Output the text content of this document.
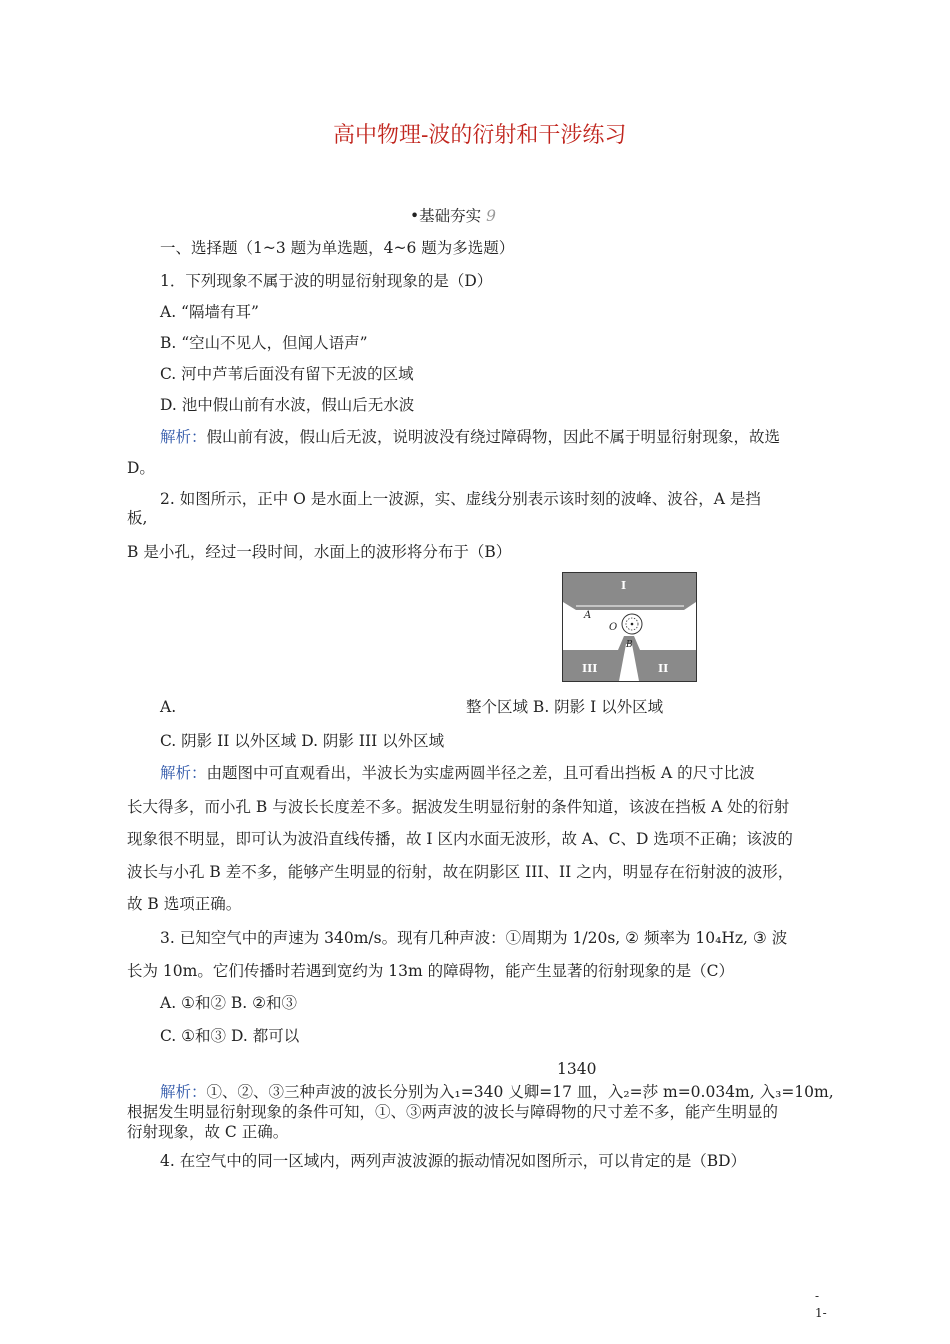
高中物理-波的衍射和干涉练习
•基础夯实 9
一、选择题（1~3 题为单选题，4~6 题为多选题）
1．下列现象不属于波的明显衍射现象的是（D）
A. “隔墙有耳”
B. “空山不见人，但闻人语声”
C. 河中芦苇后面没有留下无波的区域
D. 池中假山前有水波，假山后无水波
解析：假山前有波，假山后无波，说明波没有绕过障碍物，因此不属于明显衍射现象，故选
D。
2. 如图所示，正中 O 是水面上一波源，实、虚线分别表示该时刻的波峰、波谷，A 是挡
板,
B 是小孔，经过一段时间，水面上的波形将分布于（B）
I
A
O
B
III	II
A.	整个区域 B. 阴影 I 以外区域
C. 阴影 II 以外区域 D. 阴影 III 以外区域
解析：由题图中可直观看出，半波长为实虚两圆半径之差，且可看出挡板 A 的尺寸比波
长大得多，而小孔 B 与波长长度差不多。据波发生明显衍射的条件知道，该波在挡板 A 处的衍射
现象很不明显，即可认为波沿直线传播，故 I 区内水面无波形，故 A、C、D 选项不正确；该波的
波长与小孔 B 差不多，能够产生明显的衍射，故在阴影区 III、II 之内，明显存在衍射波的波形，
故 B 选项正确。
3. 已知空气中的声速为 340m/s。现有几种声波：①周期为 1/20s, ② 频率为 10₄Hz, ③ 波
长为 10m。它们传播时若遇到宽约为 13m 的障碍物，能产生显著的衍射现象的是（C）
A. ①和② B. ②和③
C. ①和③ D. 都可以
1340
解析：①、②、③三种声波的波长分别为入₁=340 乂卿=17 皿，入₂=莎 m=0.034m, 入₃=10m,
根据发生明显衍射现象的条件可知，①、③两声波的波长与障碍物的尺寸差不多，能产生明显的
衍射现象，故 C 正确。
4. 在空气中的同一区域内，两列声波波源的振动情况如图所示，可以肯定的是（BD）
-
1-
